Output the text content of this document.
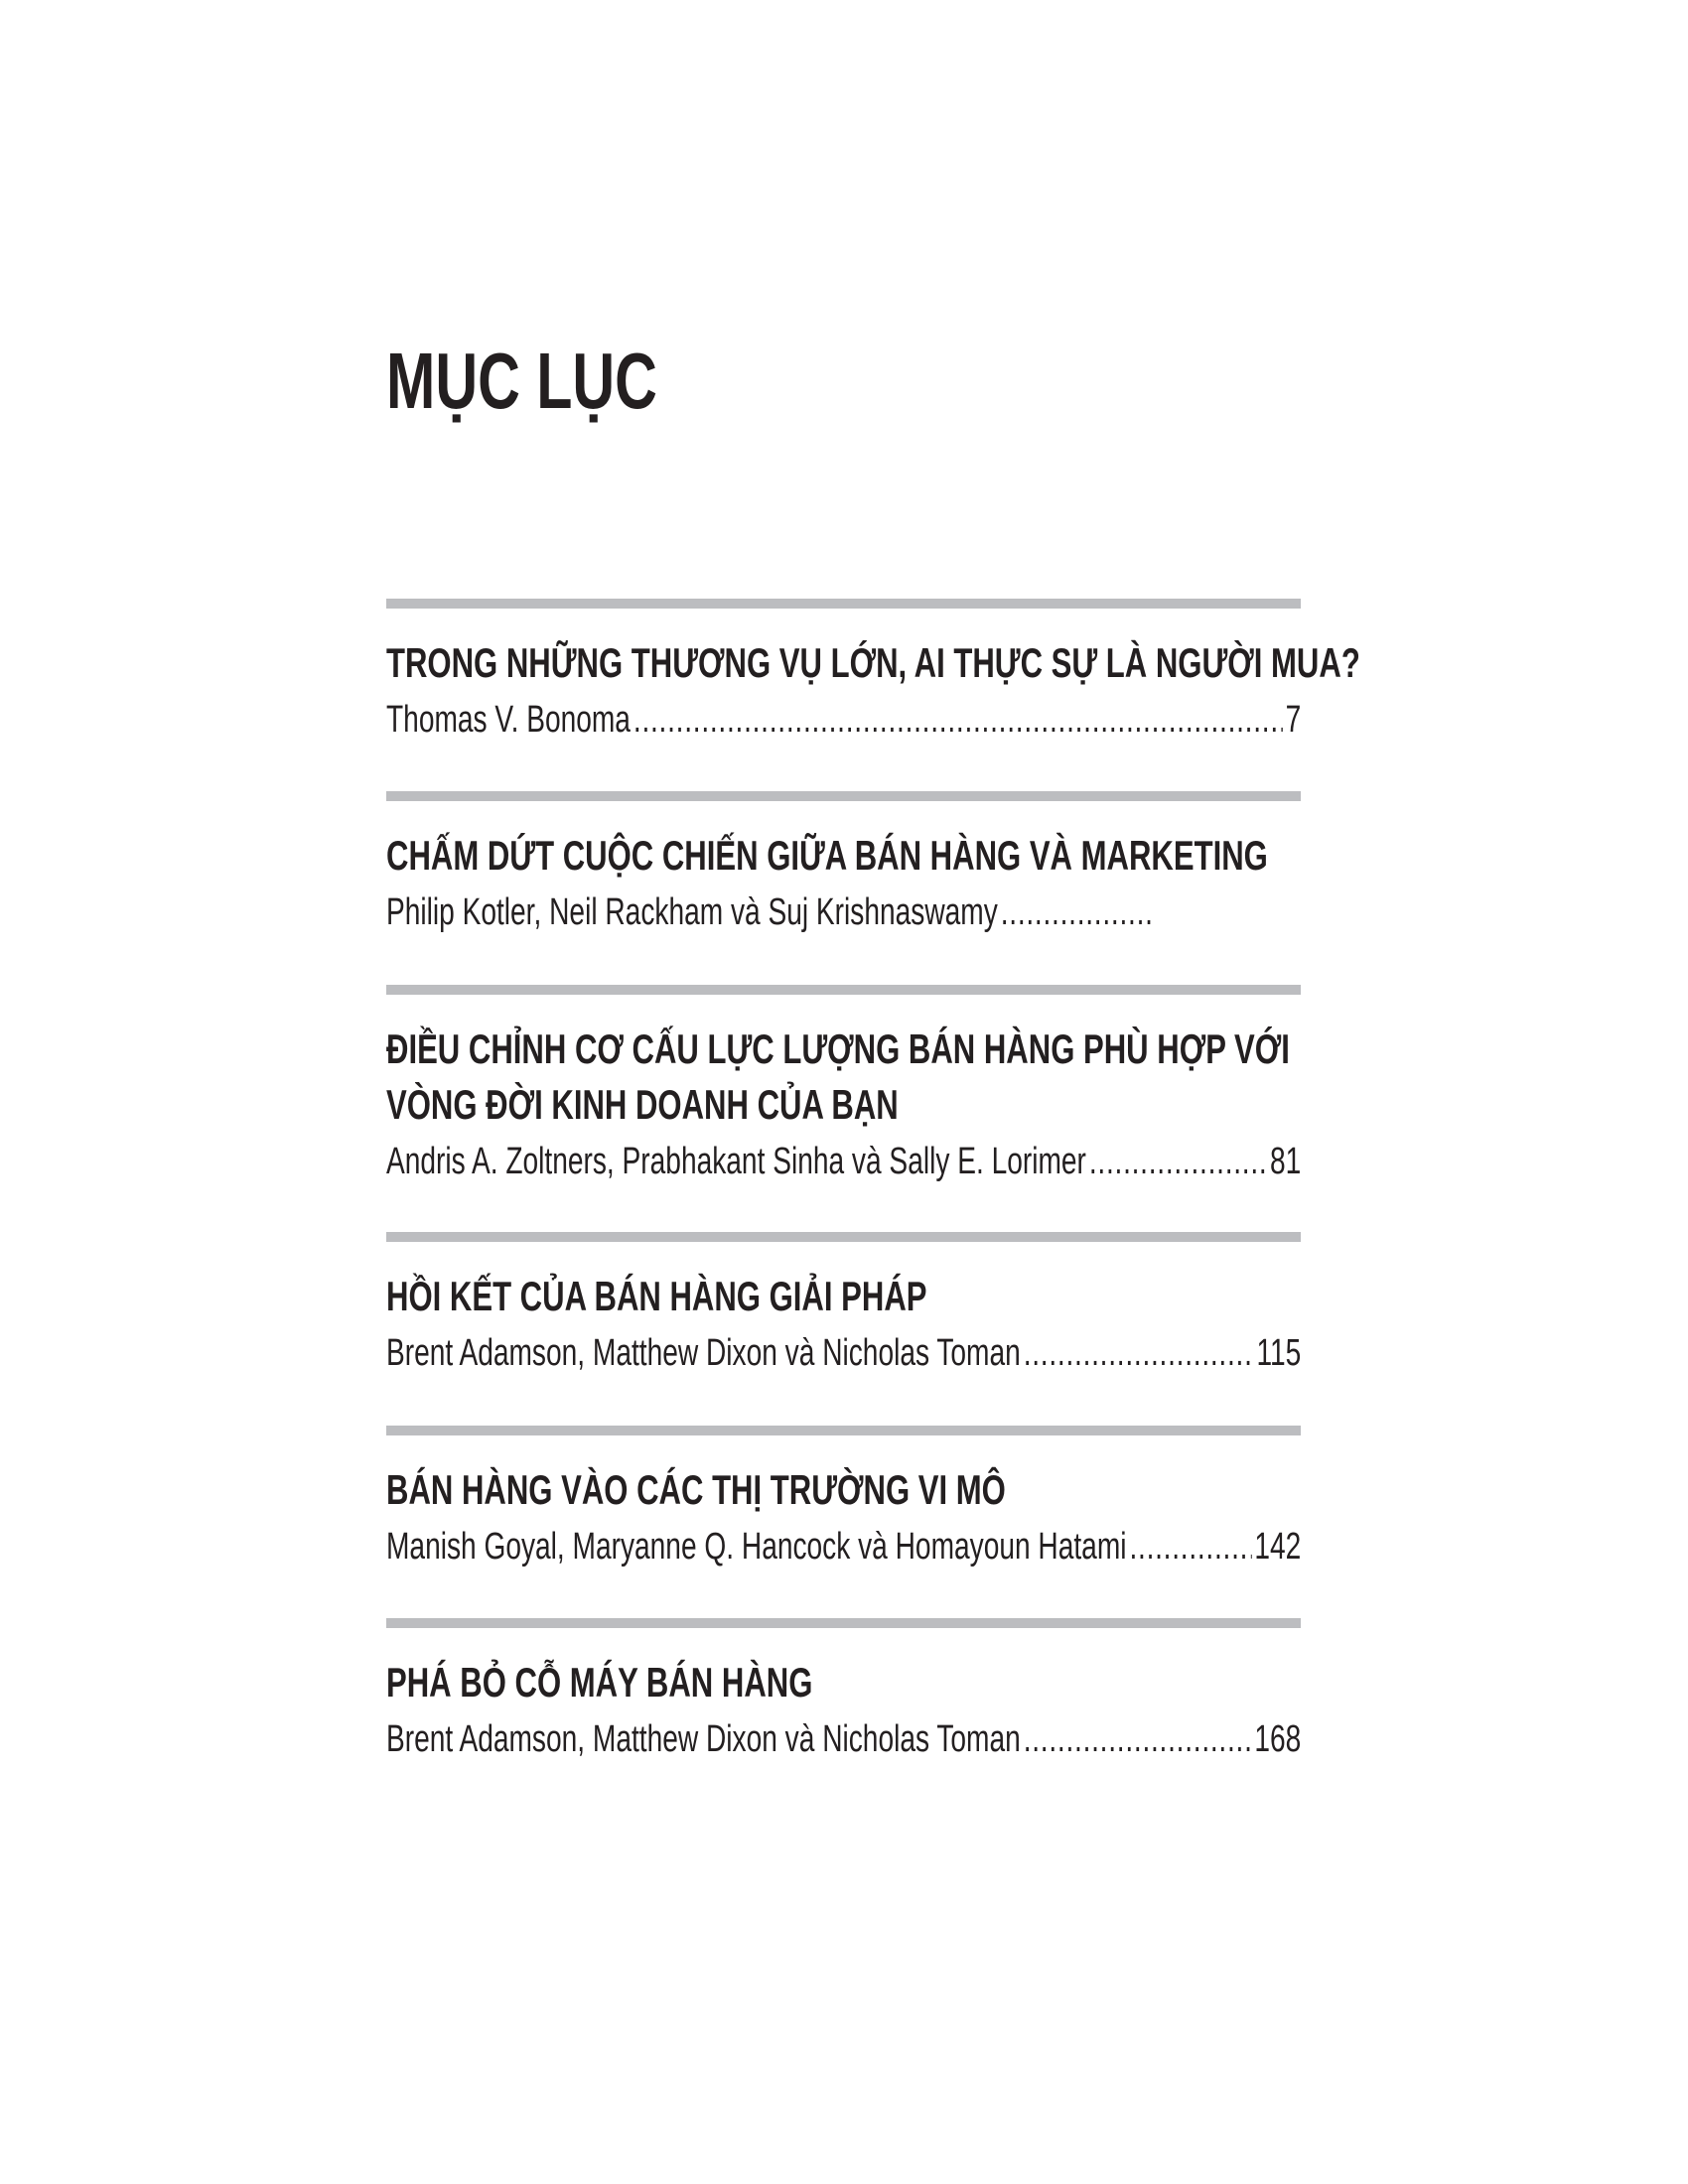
MỤC LỤC
TRONG NHỮNG THƯƠNG VỤ LỚN, AI THỰC SỰ LÀ NGƯỜI MUA?
Thomas V. Bonoma .....	7
CHẤM DỨT CUỘC CHIẾN GIỮA BÁN HÀNG VÀ MARKETING
Philip Kotler, Neil Rackham và Suj Krishnaswamy
.....
ĐIỀU CHỈNH CƠ CẤU LỰC LƯỢNG BÁN HÀNG PHÙ HỢP VỚI
VÒNG ĐỜI KINH DOANH CỦA BẠN
Andris A. Zoltners, Prabhakant Sinha và Sally E. Lorimer .....	81
HỒI KẾT CỦA BÁN HÀNG GIẢI PHÁP
Brent Adamson, Matthew Dixon và Nicholas Toman .....	115
BÁN HÀNG VÀO CÁC THỊ TRƯỜNG VI MÔ
Manish Goyal, Maryanne Q. Hancock và Homayoun Hatami .....	142
PHÁ BỎ CỖ MÁY BÁN HÀNG
Brent Adamson, Matthew Dixon và Nicholas Toman .....	168
